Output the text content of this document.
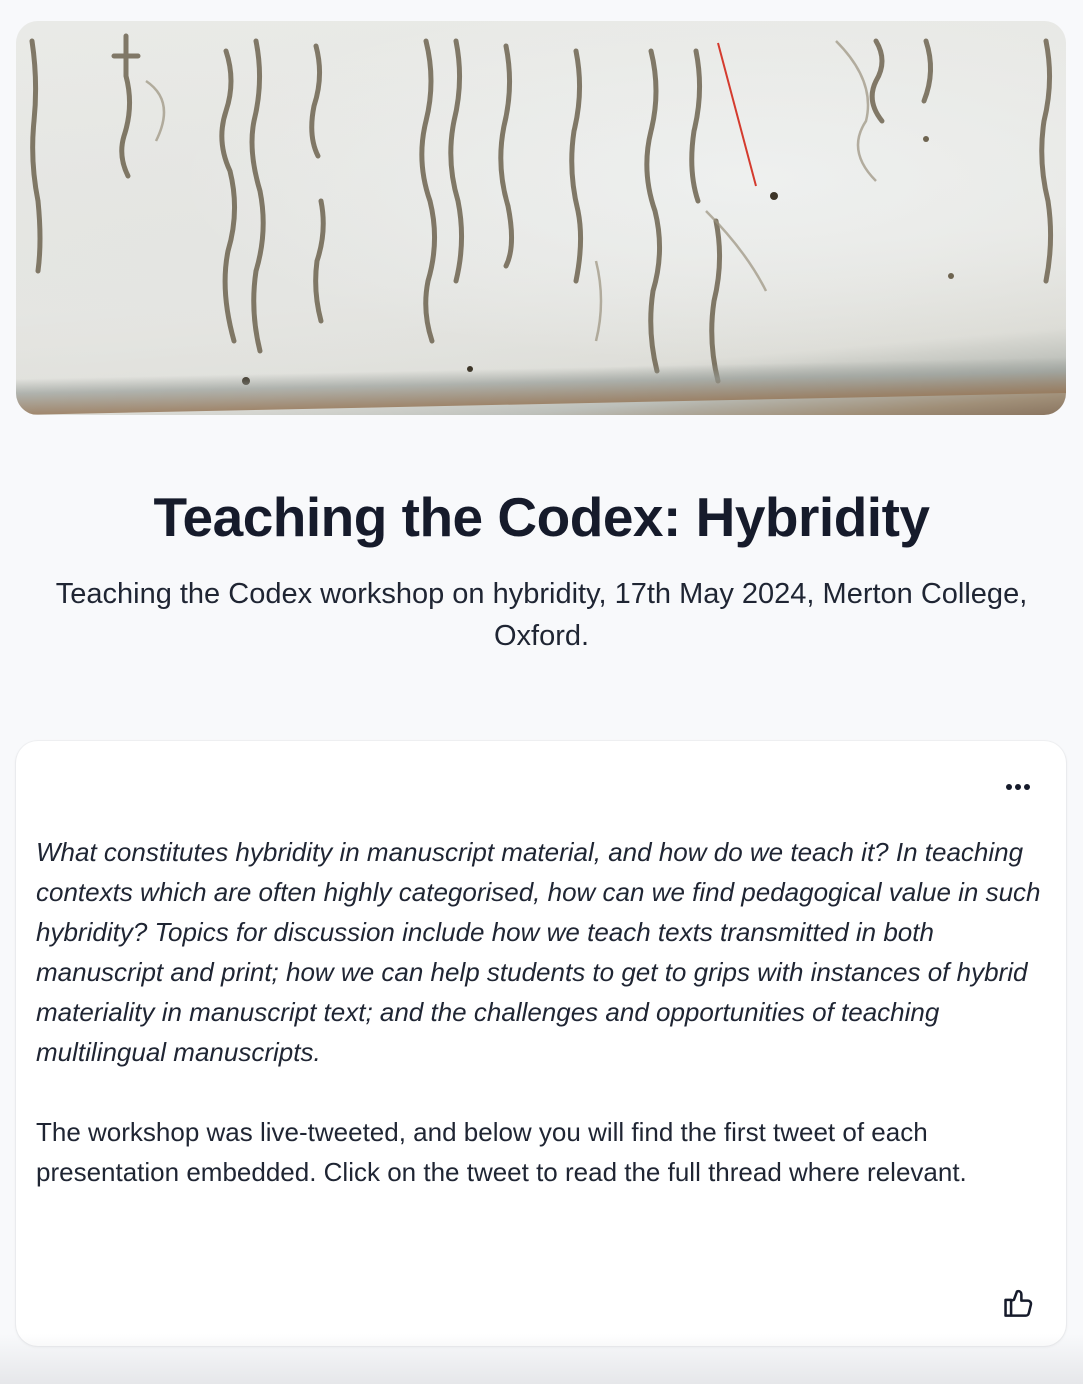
Teaching the Codex: Hybridity

Teaching the Codex workshop on hybridity, 17th May 2024, Merton College, Oxford.

What constitutes hybridity in manuscript material, and how do we teach it? In teaching contexts which are often highly categorised, how can we find pedagogical value in such hybridity? Topics for discussion include how we teach texts transmitted in both manuscript and print; how we can help students to get to grips with instances of hybrid materiality in manuscript text; and the challenges and opportunities of teaching multilingual manuscripts.

The workshop was live-tweeted, and below you will find the first tweet of each presentation embedded. Click on the tweet to read the full thread where relevant.
